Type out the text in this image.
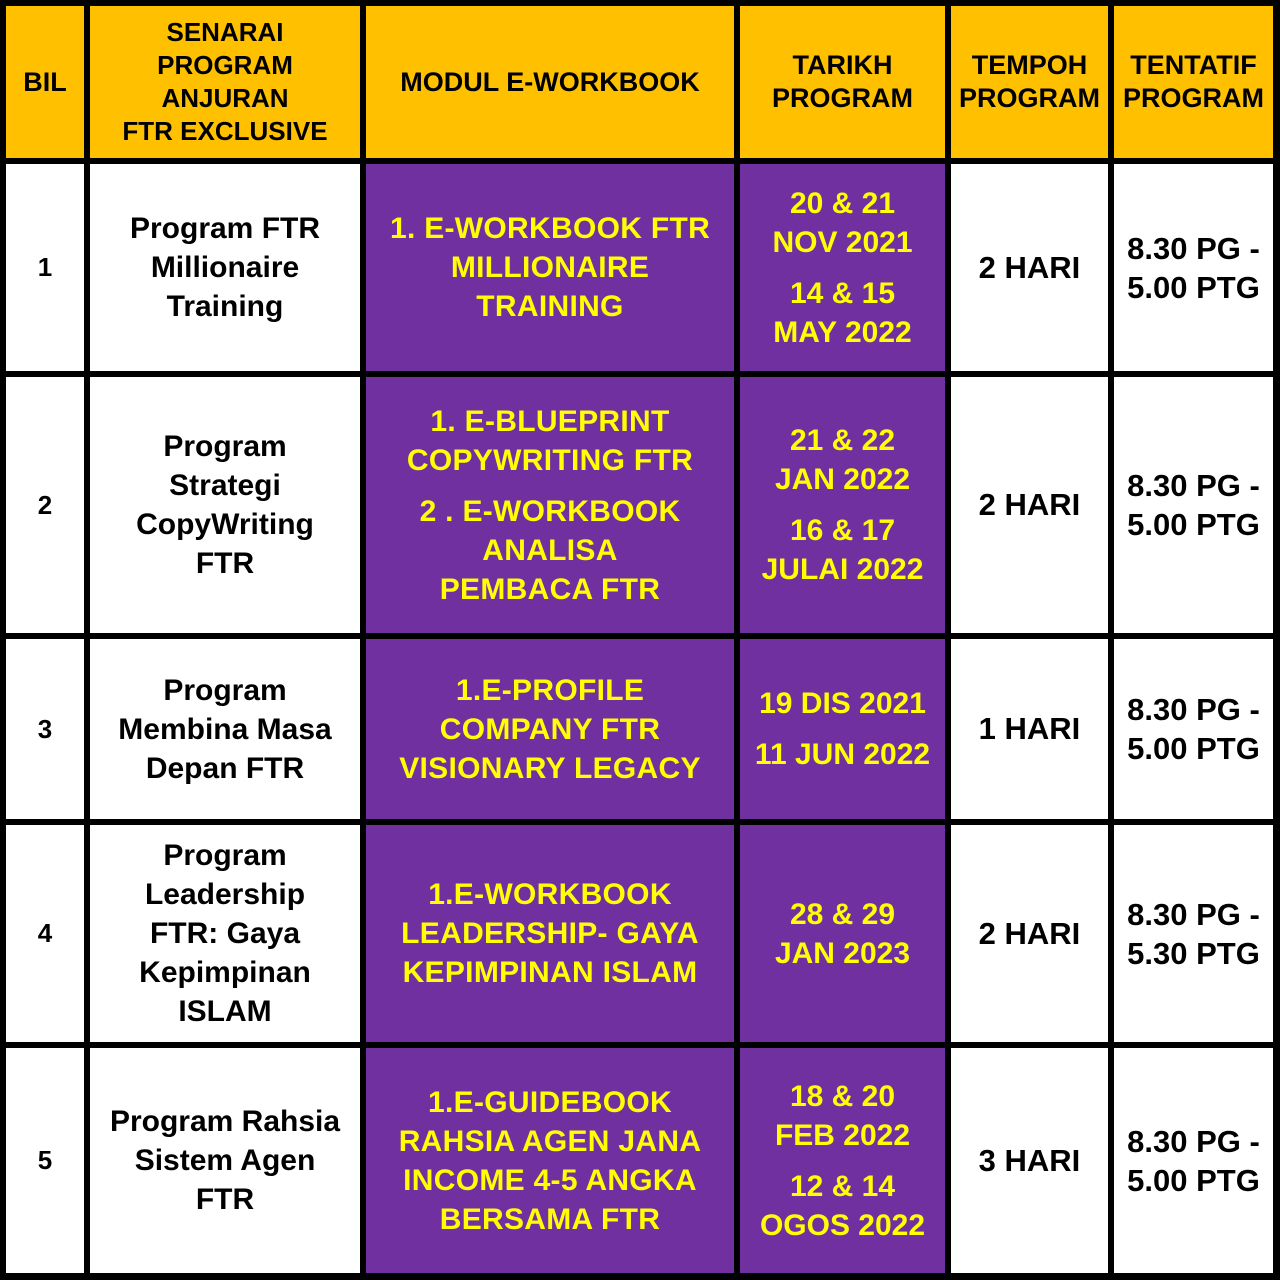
BIL
SENARAI
PROGRAM
ANJURAN
FTR EXCLUSIVE
MODUL E-WORKBOOK
TARIKH
PROGRAM
TEMPOH
PROGRAM
TENTATIF
PROGRAM
1
Program FTR
Millionaire
Training
1. E-WORKBOOK FTR
MILLIONAIRE
TRAINING
20 & 21
NOV 2021
14 & 15
MAY 2022
2 HARI
8.30 PG -
5.00 PTG
2
Program
Strategi
CopyWriting
FTR
1. E-BLUEPRINT
COPYWRITING FTR
2 . E-WORKBOOK
ANALISA
PEMBACA FTR
21 & 22
JAN 2022
16 & 17
JULAI 2022
2 HARI
8.30 PG -
5.00 PTG
3
Program
Membina Masa
Depan FTR
1.E-PROFILE
COMPANY FTR
VISIONARY LEGACY
19 DIS 2021
11 JUN 2022
1 HARI
8.30 PG -
5.00 PTG
4
Program
Leadership
FTR: Gaya
Kepimpinan
ISLAM
1.E-WORKBOOK
LEADERSHIP- GAYA
KEPIMPINAN ISLAM
28 & 29
JAN 2023
2 HARI
8.30 PG -
5.30 PTG
5
Program Rahsia
Sistem Agen
FTR
1.E-GUIDEBOOK
RAHSIA AGEN JANA
INCOME 4-5 ANGKA
BERSAMA FTR
18 & 20
FEB 2022
12 & 14
OGOS 2022
3 HARI
8.30 PG -
5.00 PTG
